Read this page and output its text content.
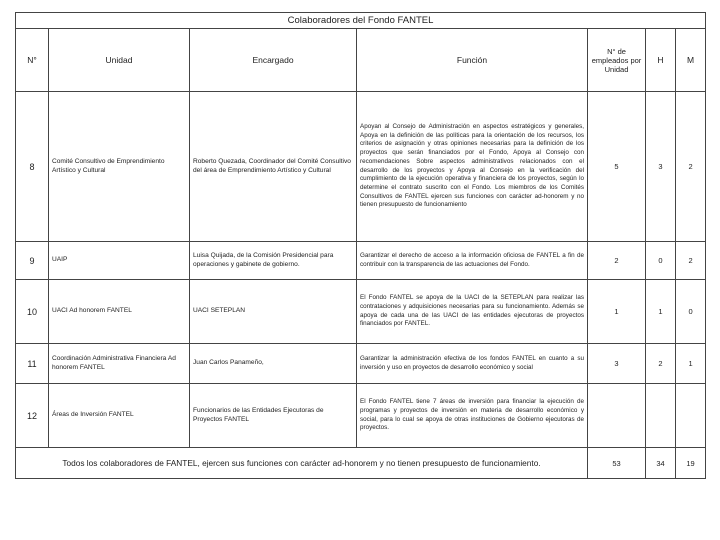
Colaboradores del Fondo FANTEL						
N°	Unidad	Encargado	Función	N° de empleados por Unidad	H	M
8	Comité Consultivo de Emprendimiento Artístico y Cultural	Roberto Quezada, Coordinador del Comité Consultivo del área de Emprendimiento Artístico y Cultural	Apoyan al Consejo de Administración en aspectos estratégicos y generales, Apoya en la definición de las políticas para la orientación de los recursos, los criterios de asignación y otras opiniones necesarias para la definición de los proyectos que serán financiados por el Fondo, Apoya al Consejo con recomendaciones Sobre aspectos administrativos relacionados con el desarrollo de los proyectos y Apoya al Consejo en la verificación del cumplimiento de la ejecución operativa y financiera de los proyectos, según lo determine el contrato suscrito con el Fondo. Los miembros de los Comités Consultivos de FANTEL ejercen sus funciones con carácter ad-honorem y no tienen presupuesto de funcionamiento	5	3	2
9	UAIP	Luisa Quijada, de la Comisión Presidencial para operaciones y gabinete de gobierno.	Garantizar el derecho de acceso a la información oficiosa de FANTEL a fin de contribuir con la transparencia de las actuaciones del Fondo.	2	0	2
10	UACI Ad honorem FANTEL	UACI SETEPLAN	El Fondo FANTEL se apoya de la UACI de la SETEPLAN para realizar las contrataciones y adquisiciones necesarias para su funcionamiento. Además se apoya de cada una de las UACI de las entidades ejecutoras de proyectos financiados por FANTEL.	1	1	0
11	Coordinación Administrativa Financiera Ad honorem FANTEL	Juan Carlos Panameño,	Garantizar la administración efectiva de los fondos FANTEL en cuanto a su inversión y uso en proyectos de desarrollo económico y social	3	2	1
12	Áreas de Inversión FANTEL	Funcionarios de las Entidades Ejecutoras de Proyectos FANTEL	El Fondo FANTEL tiene 7 áreas de inversión para financiar la ejecución de programas y proyectos de inversión en materia de desarrollo económico y social, para lo cual se apoya de otras instituciones de Gobierno ejecutoras de proyectos.			
Todos los colaboradores de FANTEL, ejercen sus funciones con carácter ad-honorem y no tienen presupuesto de funcionamiento.				53	34	19
